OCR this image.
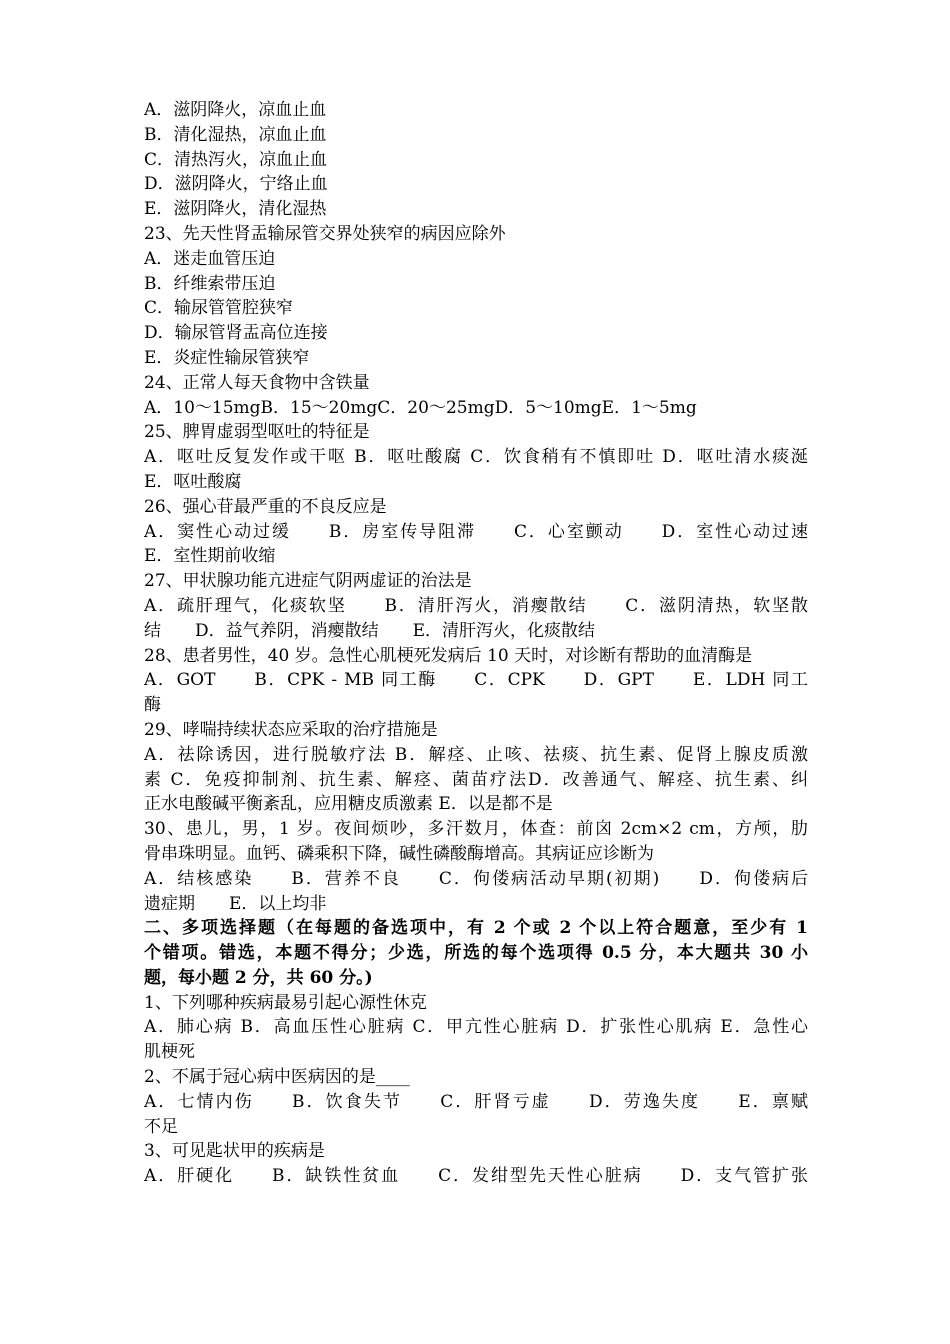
A．滋阴降火，凉血止血

B．清化湿热，凉血止血

C．清热泻火，凉血止血

D．滋阴降火，宁络止血

E．滋阴降火，清化湿热

23、先天性肾盂输尿管交界处狭窄的病因应除外

A．迷走血管压迫

B．纤维索带压迫

C．输尿管管腔狭窄

D．输尿管肾盂高位连接

E．炎症性输尿管狭窄

24、正常人每天食物中含铁量

A．10～15mgB．15～20mgC．20～25mgD．5～10mgE．1～5mg

25、脾胃虚弱型呕吐的特征是

A．呕吐反复发作或干呕 B．呕吐酸腐 C．饮食稍有不慎即吐 D．呕吐清水痰涎

E．呕吐酸腐

26、强心苷最严重的不良反应是

A．窦性心动过缓　　B．房室传导阻滞　　C．心室颤动　　D．室性心动过速

E．室性期前收缩

27、甲状腺功能亢进症气阴两虚证的治法是

A．疏肝理气，化痰软坚　　B．清肝泻火，消瘿散结　　C．滋阴清热，软坚散

结　　D．益气养阴，消瘿散结　　E．清肝泻火，化痰散结

28、患者男性，40 岁。急性心肌梗死发病后 10 天时，对诊断有帮助的血清酶是

A．GOT　　B．CPK - MB 同工酶　　C．CPK　　D．GPT　　E．LDH 同工

酶

29、哮喘持续状态应采取的治疗措施是

A．祛除诱因，进行脱敏疗法 B．解痉、止咳、祛痰、抗生素、促肾上腺皮质激

素 C．免疫抑制剂、抗生素、解痉、菌苗疗法D．改善通气、解痉、抗生素、纠

正水电酸碱平衡紊乱，应用糖皮质激素 E．以是都不是

30、患儿，男，1 岁。夜间烦吵，多汗数月，体查：前囟 2cm×2 cm，方颅，肋

骨串珠明显。血钙、磷乘积下降，碱性磷酸酶增高。其病证应诊断为

A．结核感染　　B．营养不良　　C．佝偻病活动早期(初期)　　D．佝偻病后

遗症期　　E．以上均非

二、多项选择题（在每题的备选项中，有 2 个或 2 个以上符合题意，至少有 1

个错项。错选，本题不得分；少选，所选的每个选项得 0.5 分，本大题共 30 小

题，每小题 2 分，共 60 分。)

1、下列哪种疾病最易引起心源性休克

A．肺心病 B．高血压性心脏病 C．甲亢性心脏病 D．扩张性心肌病 E．急性心

肌梗死

2、不属于冠心病中医病因的是____

A．七情内伤　　B．饮食失节　　C．肝肾亏虚　　D．劳逸失度　　E．禀赋

不足

3、可见匙状甲的疾病是

A．肝硬化　　B．缺铁性贫血　　C．发绀型先天性心脏病　　D．支气管扩张
